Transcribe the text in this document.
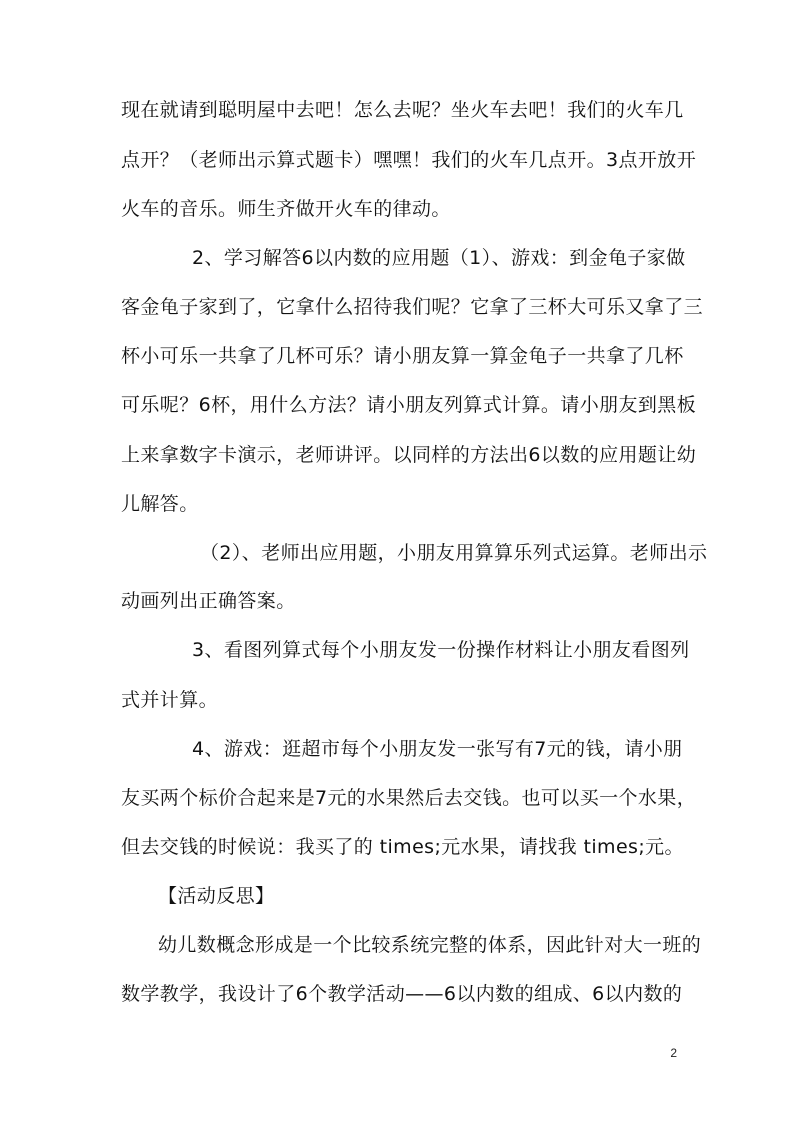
现在就请到聪明屋中去吧！怎么去呢？坐火车去吧！我们的火车几
点开？（老师出示算式题卡）嘿嘿！我们的火车几点开。3点开放开
火车的音乐。师生齐做开火车的律动。
2、学习解答6以内数的应用题（1）、游戏：到金龟子家做
客金龟子家到了，它拿什么招待我们呢？它拿了三杯大可乐又拿了三
杯小可乐一共拿了几杯可乐？请小朋友算一算金龟子一共拿了几杯
可乐呢？6杯，用什么方法？请小朋友列算式计算。请小朋友到黑板
上来拿数字卡演示，老师讲评。以同样的方法出6以数的应用题让幼
儿解答。
（2）、老师出应用题，小朋友用算算乐列式运算。老师出示
动画列出正确答案。
3、看图列算式每个小朋友发一份操作材料让小朋友看图列
式并计算。
4、游戏：逛超市每个小朋友发一张写有7元的钱，请小朋
友买两个标价合起来是7元的水果然后去交钱。也可以买一个水果，
但去交钱的时候说：我买了的 times;元水果，请找我 times;元。
【活动反思】
幼儿数概念形成是一个比较系统完整的体系，因此针对大一班的
数学教学，我设计了6个教学活动——6以内数的组成、6以内数的
2
